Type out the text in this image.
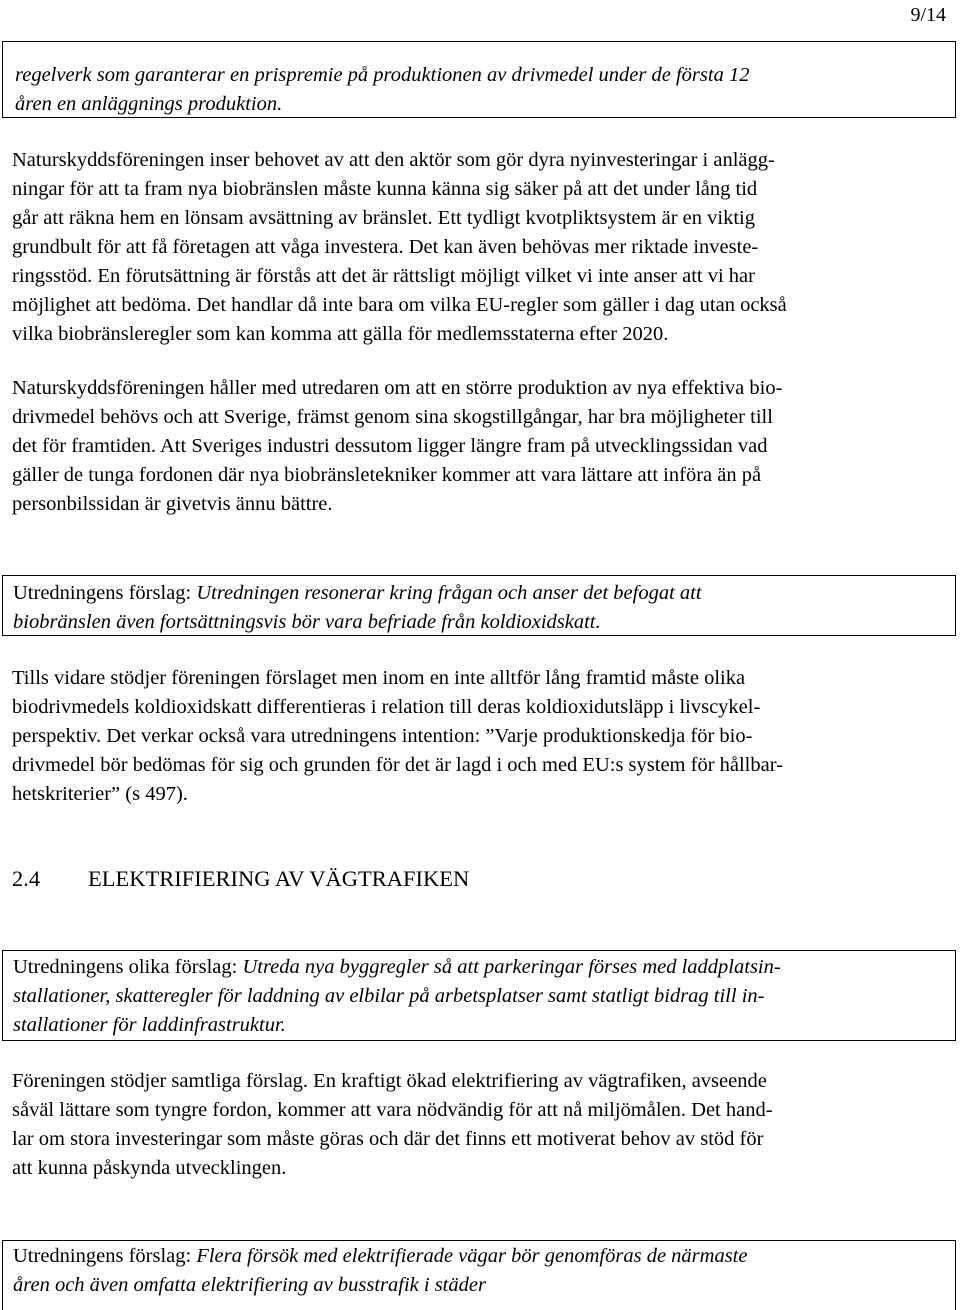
9/14
regelverk som garanterar en prispremie på produktionen av drivmedel under de första 12
åren en anläggnings produktion.
Naturskyddsföreningen inser behovet av att den aktör som gör dyra nyinvesteringar i anlägg-
ningar för att ta fram nya biobränslen måste kunna känna sig säker på att det under lång tid
går att räkna hem en lönsam avsättning av bränslet. Ett tydligt kvotpliktsystem är en viktig
grundbult för att få företagen att våga investera. Det kan även behövas mer riktade investe-
ringsstöd. En förutsättning är förstås att det är rättsligt möjligt vilket vi inte anser att vi har
möjlighet att bedöma. Det handlar då inte bara om vilka EU-regler som gäller i dag utan också
vilka biobränsleregler som kan komma att gälla för medlemsstaterna efter 2020.
Naturskyddsföreningen håller med utredaren om att en större produktion av nya effektiva bio-
drivmedel behövs och att Sverige, främst genom sina skogstillgångar, har bra möjligheter till
det för framtiden. Att Sveriges industri dessutom ligger längre fram på utvecklingssidan vad
gäller de tunga fordonen där nya biobränsletekniker kommer att vara lättare att införa än på
personbilssidan är givetvis ännu bättre.
Utredningens förslag: Utredningen resonerar kring frågan och anser det befogat att
biobränslen även fortsättningsvis bör vara befriade från koldioxidskatt.
Tills vidare stödjer föreningen förslaget men inom en inte alltför lång framtid måste olika
biodrivmedels koldioxidskatt differentieras i relation till deras koldioxidutsläpp i livscykel-
perspektiv. Det verkar också vara utredningens intention: ”Varje produktionskedja för bio-
drivmedel bör bedömas för sig och grunden för det är lagd i och med EU:s system för hållbar-
hetskriterier” (s 497).
2.4 ELEKTRIFIERING AV VÄGTRAFIKEN
Utredningens olika förslag: Utreda nya byggregler så att parkeringar förses med laddplatsin-
stallationer, skatteregler för laddning av elbilar på arbetsplatser samt statligt bidrag till in-
stallationer för laddinfrastruktur.
Föreningen stödjer samtliga förslag. En kraftigt ökad elektrifiering av vägtrafiken, avseende
såväl lättare som tyngre fordon, kommer att vara nödvändig för att nå miljömålen. Det hand-
lar om stora investeringar som måste göras och där det finns ett motiverat behov av stöd för
att kunna påskynda utvecklingen.
Utredningens förslag: Flera försök med elektrifierade vägar bör genomföras de närmaste
åren och även omfatta elektrifiering av busstrafik i städer
